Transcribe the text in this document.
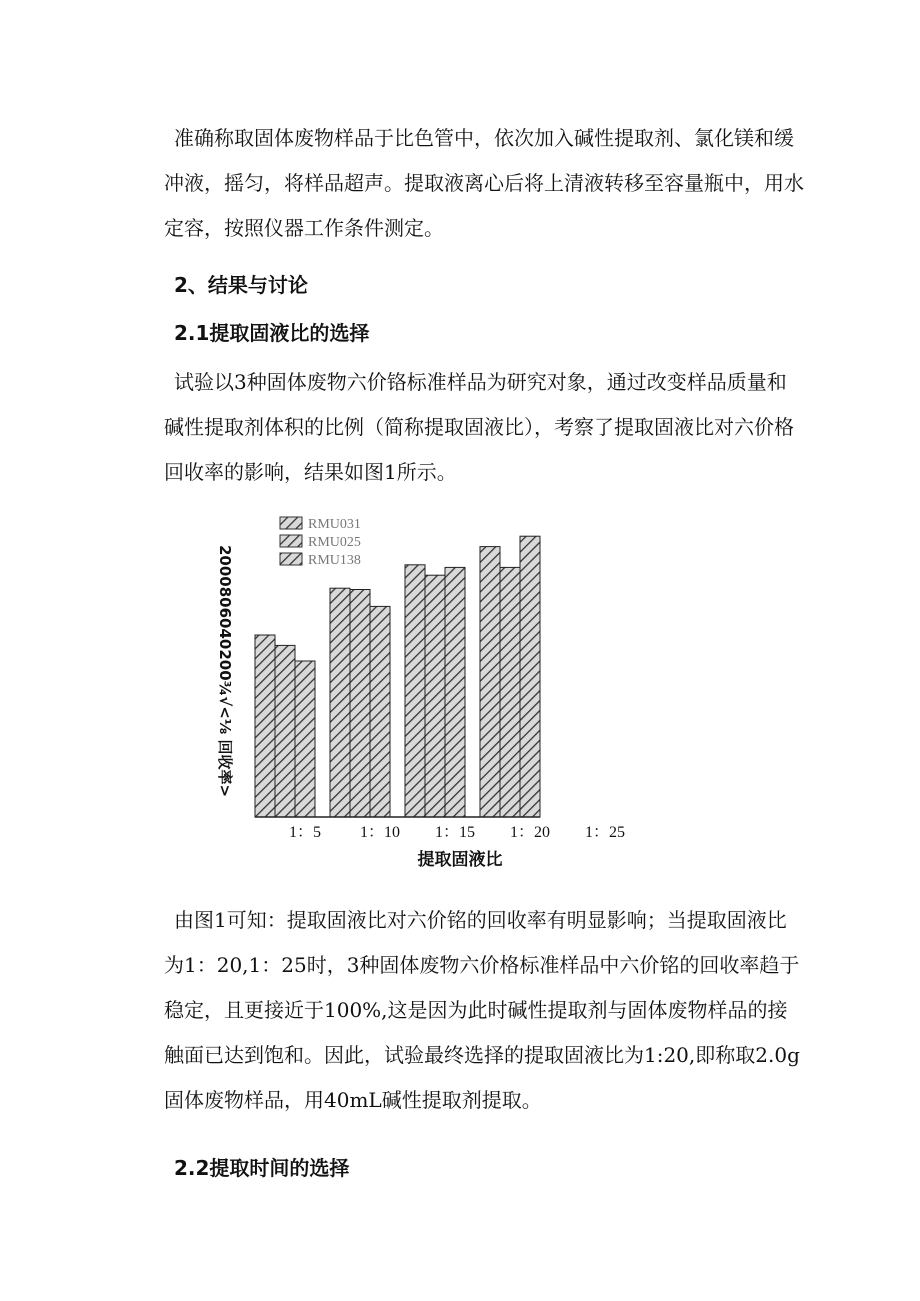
准确称取固体废物样品于比色管中，依次加入碱性提取剂、氯化镁和缓冲液，摇匀，将样品超声。提取液离心后将上清液转移至容量瓶中，用水定容，按照仪器工作条件测定。

2、结果与讨论

2.1提取固液比的选择

试验以3种固体废物六价铬标准样品为研究对象，通过改变样品质量和碱性提取剂体积的比例（简称提取固液比），考察了提取固液比对六价格回收率的影响，结果如图1所示。

RMU031
RMU025
RMU138
1：5 1：10 1：15 1：20 1：25
2000806040200¾√<⅛ 回收率>
提取固液比

由图1可知：提取固液比对六价铭的回收率有明显影响；当提取固液比为1：20,1：25时，3种固体废物六价格标准样品中六价铭的回收率趋于稳定，且更接近于100%,这是因为此时碱性提取剂与固体废物样品的接触面已达到饱和。因此，试验最终选择的提取固液比为1:20,即称取2.0g固体废物样品，用40mL碱性提取剂提取。

2.2提取时间的选择
